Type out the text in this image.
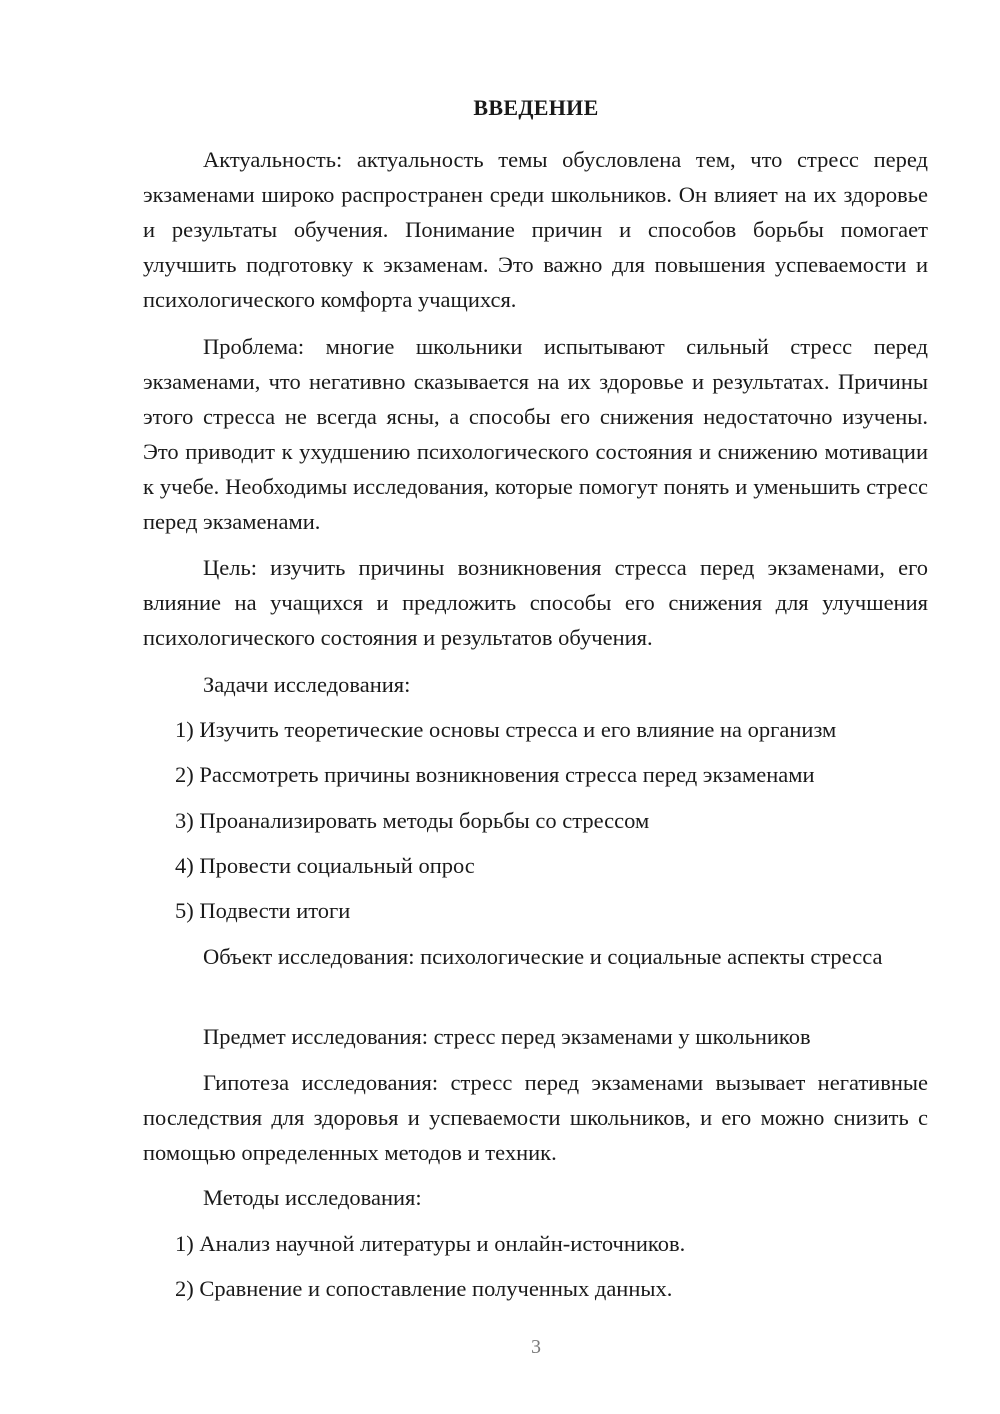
ВВЕДЕНИЕ

Актуальность: актуальность темы обусловлена тем, что стресс перед экзаменами широко распространен среди школьников. Он влияет на их здоровье и результаты обучения. Понимание причин и способов борьбы помогает улучшить подготовку к экзаменам. Это важно для повышения успеваемости и психологического комфорта учащихся.

Проблема: многие школьники испытывают сильный стресс перед экзаменами, что негативно сказывается на их здоровье и результатах. Причины этого стресса не всегда ясны, а способы его снижения недостаточно изучены. Это приводит к ухудшению психологического состояния и снижению мотивации к учебе. Необходимы исследования, которые помогут понять и уменьшить стресс перед экзаменами.

Цель: изучить причины возникновения стресса перед экзаменами, его влияние на учащихся и предложить способы его снижения для улучшения психологического состояния и результатов обучения.

Задачи исследования:

1) Изучить теоретические основы стресса и его влияние на организм

2) Рассмотреть причины возникновения стресса перед экзаменами

3) Проанализировать методы борьбы со стрессом

4) Провести социальный опрос

5) Подвести итоги

Объект исследования: психологические и социальные аспекты стресса

Предмет исследования: стресс перед экзаменами у школьников

Гипотеза исследования: стресс перед экзаменами вызывает негативные последствия для здоровья и успеваемости школьников, и его можно снизить с помощью определенных методов и техник.

Методы исследования:

1) Анализ научной литературы и онлайн-источников.

2) Сравнение и сопоставление полученных данных.

3
